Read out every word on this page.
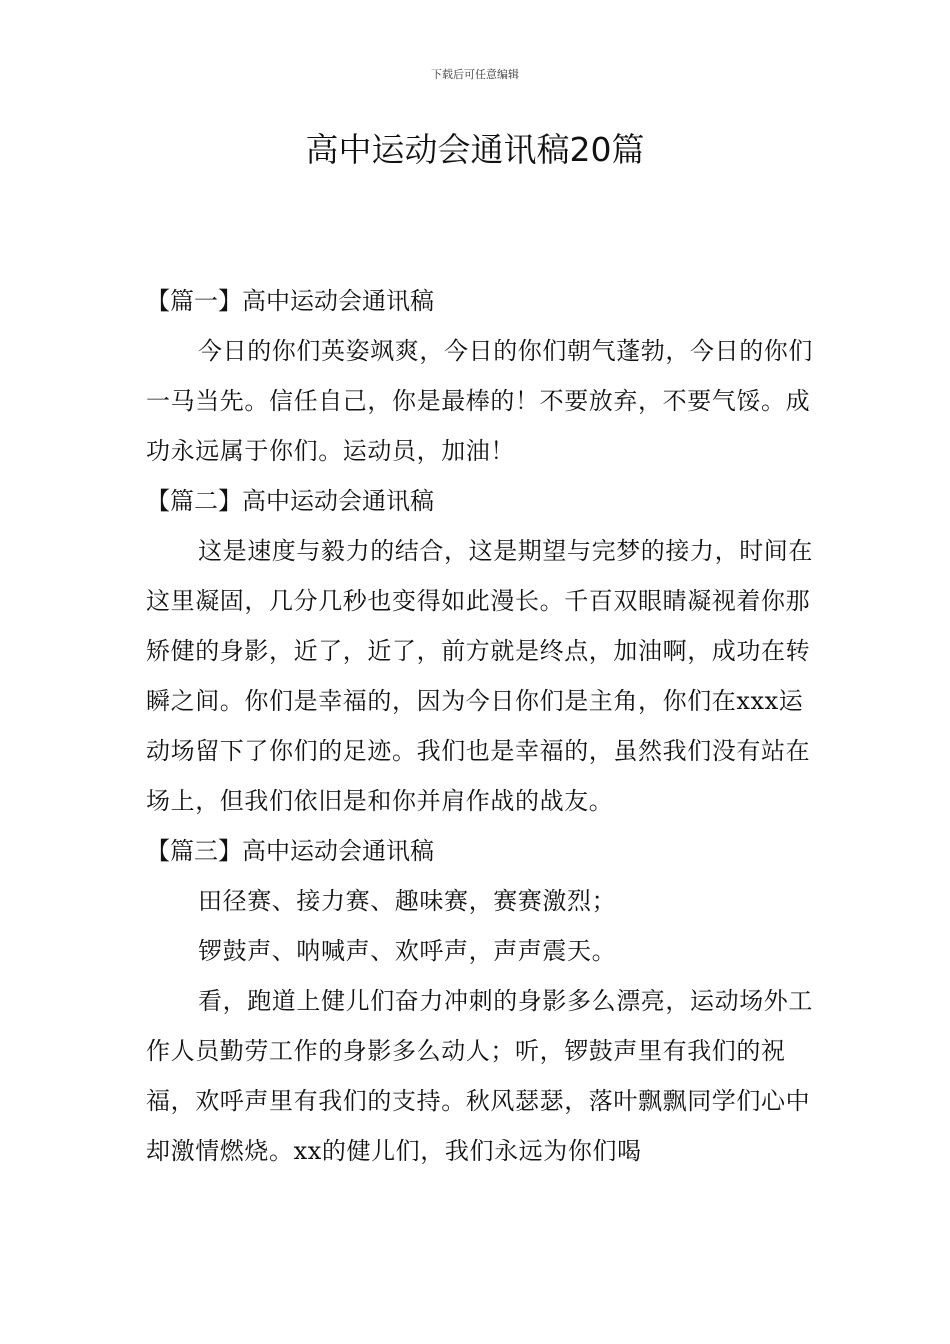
下载后可任意编辑
高中运动会通讯稿20篇
【篇一】高中运动会通讯稿

今日的你们英姿飒爽，今日的你们朝气蓬勃，今日的你们一马当先。信任自己，你是最棒的！不要放弃，不要气馁。成功永远属于你们。运动员，加油！

【篇二】高中运动会通讯稿

这是速度与毅力的结合，这是期望与完梦的接力，时间在这里凝固，几分几秒也变得如此漫长。千百双眼睛凝视着你那矫健的身影，近了，近了，前方就是终点，加油啊，成功在转瞬之间。你们是幸福的，因为今日你们是主角，你们在xxx运动场留下了你们的足迹。我们也是幸福的，虽然我们没有站在场上，但我们依旧是和你并肩作战的战友。

【篇三】高中运动会通讯稿

田径赛、接力赛、趣味赛，赛赛激烈；

锣鼓声、呐喊声、欢呼声，声声震天。

看，跑道上健儿们奋力冲刺的身影多么漂亮，运动场外工作人员勤劳工作的身影多么动人；听，锣鼓声里有我们的祝福，欢呼声里有我们的支持。秋风瑟瑟，落叶飘飘同学们心中却激情燃烧。xx的健儿们，我们永远为你们喝
